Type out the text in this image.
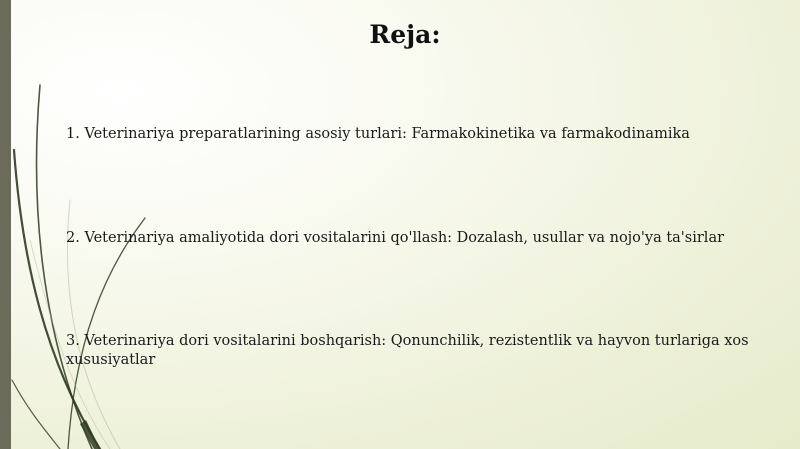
Reja:

1. Veterinariya preparatlarining asosiy turlari: Farmakokinetika va farmakodinamika

2. Veterinariya amaliyotida dori vositalarini qo'llash: Dozalash, usullar va nojo'ya ta'sirlar

3. Veterinariya dori vositalarini boshqarish: Qonunchilik, rezistentlik va hayvon turlariga xos xususiyatlar
